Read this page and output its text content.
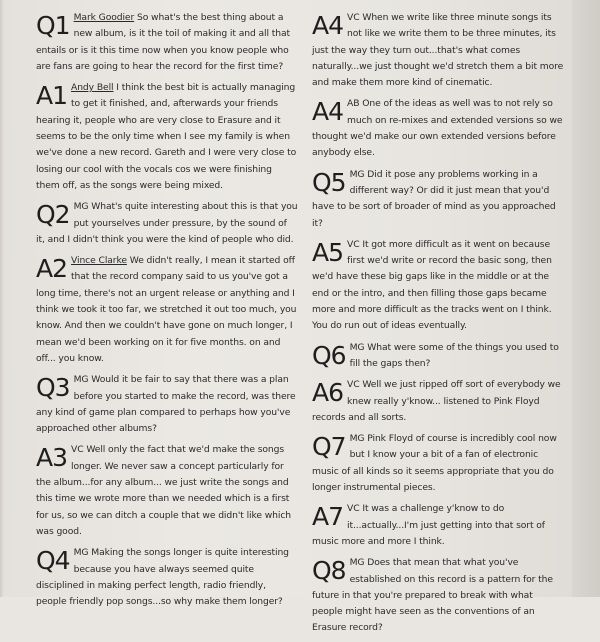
Q1 Mark Goodier So what's the best thing about a new album, is it the toil of making it and all that entails or is it this time now when you know people who are fans are going to hear the record for the first time?
A1 Andy Bell I think the best bit is actually managing to get it finished, and, afterwards your friends hearing it, people who are very close to Erasure and it seems to be the only time when I see my family is when we've done a new record. Gareth and I were very close to losing our cool with the vocals cos we were finishing them off, as the songs were being mixed.
Q2 MG What's quite interesting about this is that you put yourselves under pressure, by the sound of it, and I didn't think you were the kind of people who did.
A2 Vince Clarke We didn't really, I mean it started off that the record company said to us you've got a long time, there's not an urgent release or anything and I think we took it too far, we stretched it out too much, you know. And then we couldn't have gone on much longer, I mean we'd been working on it for five months. on and off... you know.
Q3 MG Would it be fair to say that there was a plan before you started to make the record, was there any kind of game plan compared to perhaps how you've approached other albums?
A3 VC Well only the fact that we'd make the songs longer. We never saw a concept particularly for the album...for any album... we just write the songs and this time we wrote more than we needed which is a first for us, so we can ditch a couple that we didn't like which was good.
Q4 MG Making the songs longer is quite interesting because you have always seemed quite disciplined in making perfect length, radio friendly, people friendly pop songs...so why make them longer?
A4 VC When we write like three minute songs its not like we write them to be three minutes, its just the way they turn out...that's what comes naturally...we just thought we'd stretch them a bit more and make them more kind of cinematic.
A4 AB One of the ideas as well was to not rely so much on re-mixes and extended versions so we thought we'd make our own extended versions before anybody else.
Q5 MG Did it pose any problems working in a different way? Or did it just mean that you'd have to be sort of broader of mind as you approached it?
A5 VC It got more difficult as it went on because first we'd write or record the basic song, then we'd have these big gaps like in the middle or at the end or the intro, and then filling those gaps became more and more difficult as the tracks went on I think. You do run out of ideas eventually.
Q6 MG What were some of the things you used to fill the gaps then?
A6 VC Well we just ripped off sort of everybody we knew really y'know... listened to Pink Floyd records and all sorts.
Q7 MG Pink Floyd of course is incredibly cool now but I know your a bit of a fan of electronic music of all kinds so it seems appropriate that you do longer instrumental pieces.
A7 VC It was a challenge y'know to do it...actually...I'm just getting into that sort of music more and more I think.
Q8 MG Does that mean that what you've established on this record is a pattern for the future in that you're prepared to break with what people might have seen as the conventions of an Erasure record?
